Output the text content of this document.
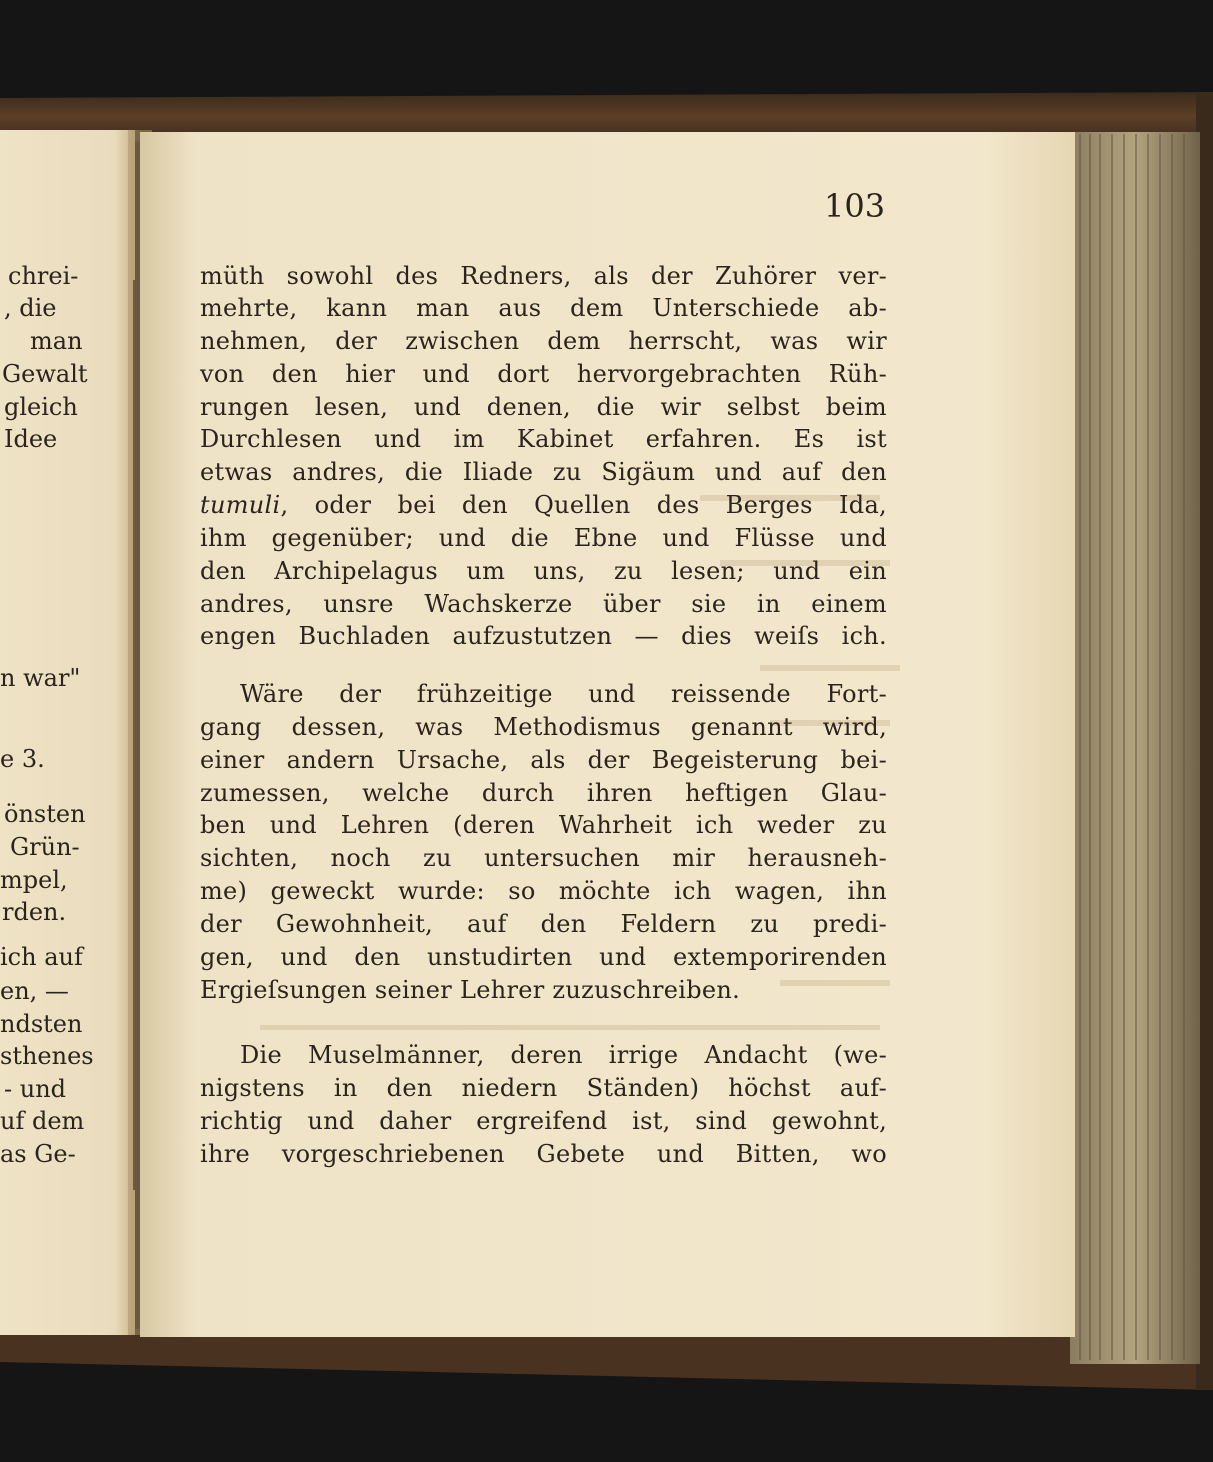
103

chrei-

, die

man

Gewalt

gleich

Idee

n war"

e 3.

önsten

Grün-

mpel,

rden.

ich auf

en, —

ndsten

sthenes

- und

uf dem

as Ge-

müth sowohl des Redners, als der Zuhörer ver-

mehrte, kann man aus dem Unterschiede ab-

nehmen, der zwischen dem herrscht, was wir

von den hier und dort hervorgebrachten Rüh-

rungen lesen, und denen, die wir selbst beim

Durchlesen und im Kabinet erfahren. Es ist

etwas andres, die Iliade zu Sigäum und auf den

tumuli, oder bei den Quellen des Berges Ida,

ihm gegenüber; und die Ebne und Flüsse und

den Archipelagus um uns, zu lesen; und ein

andres, unsre Wachskerze über sie in einem

engen Buchladen aufzustutzen — dies weiſs ich.

Wäre der frühzeitige und reissende Fort-

gang dessen, was Methodismus genannt wird,

einer andern Ursache, als der Begeisterung bei-

zumessen, welche durch ihren heftigen Glau-

ben und Lehren (deren Wahrheit ich weder zu

sichten, noch zu untersuchen mir herausneh-

me) geweckt wurde: so möchte ich wagen, ihn

der Gewohnheit, auf den Feldern zu predi-

gen, und den unstudirten und extemporirenden

Ergieſsungen seiner Lehrer zuzuschreiben.

Die Muselmänner, deren irrige Andacht (we-

nigstens in den niedern Ständen) höchst auf-

richtig und daher ergreifend ist, sind gewohnt,

ihre vorgeschriebenen Gebete und Bitten, wo
